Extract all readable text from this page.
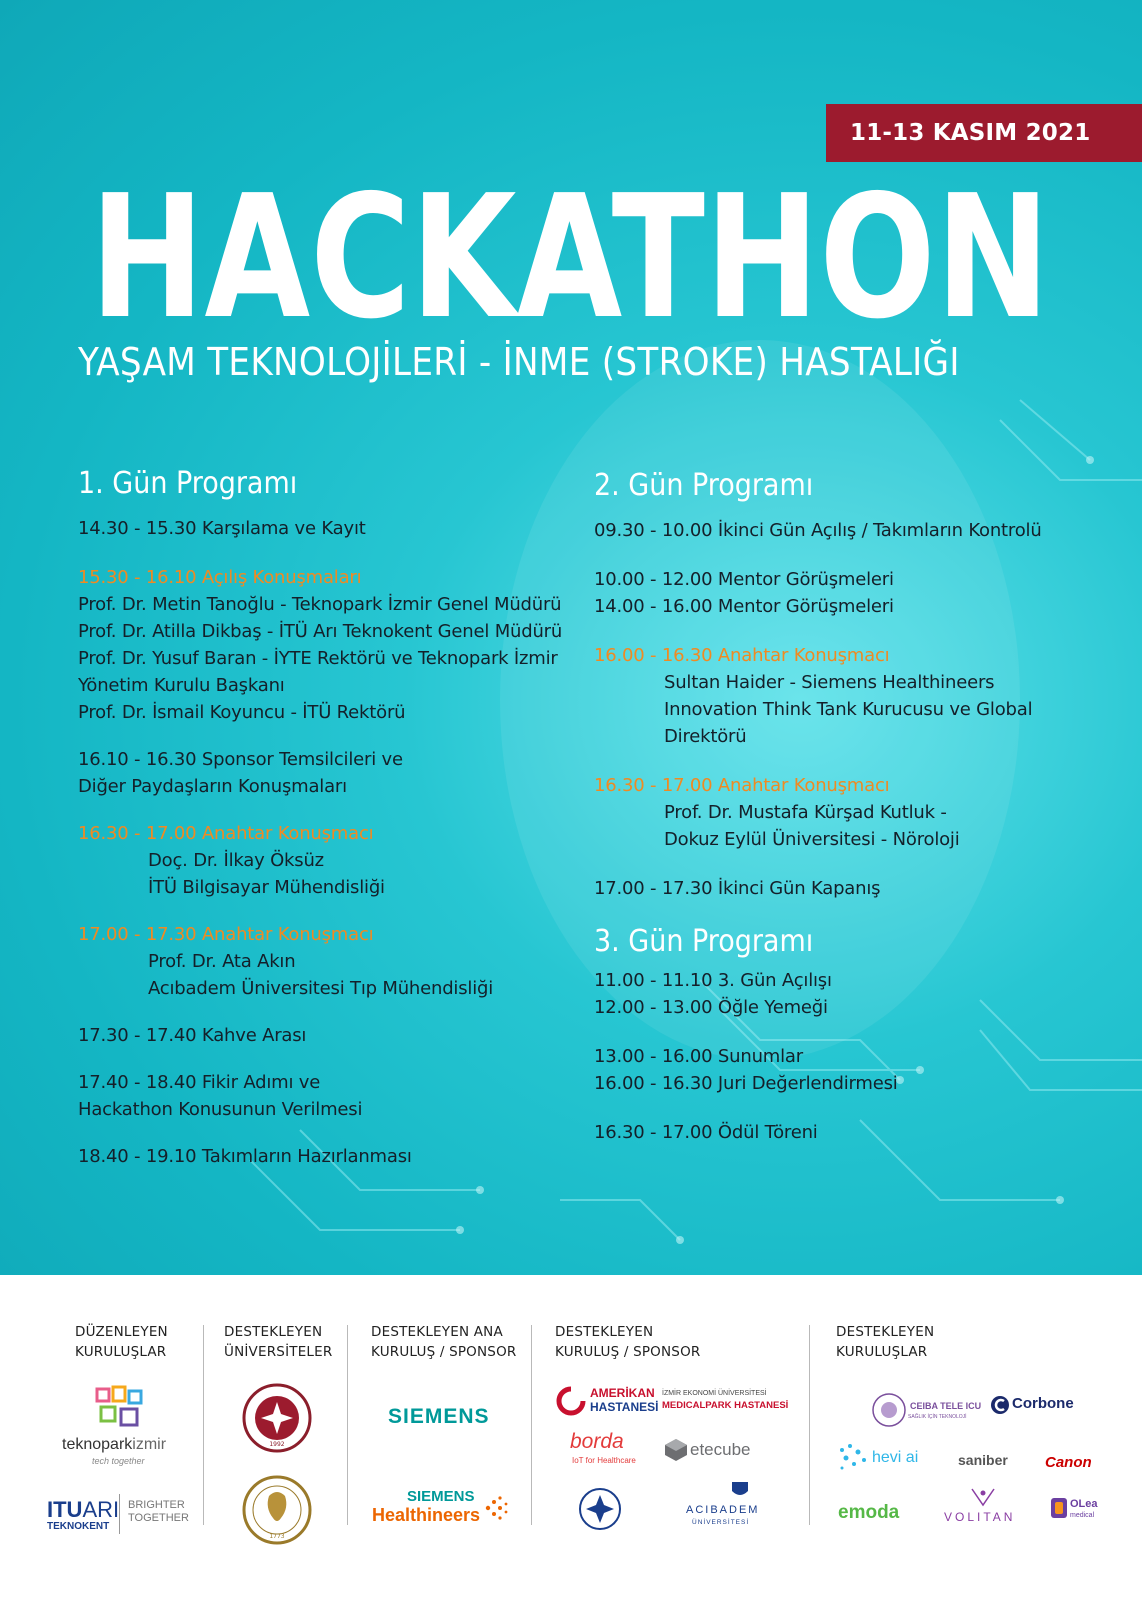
11-13 KASIM 2021
HACKATHON
YAŞAM TEKNOLOJİLERİ - İNME (STROKE) HASTALIĞI
1. Gün Programı
14.30 - 15.30 Karşılama ve Kayıt
15.30 - 16.10 Açılış Konuşmaları
Prof. Dr. Metin Tanoğlu - Teknopark İzmir Genel Müdürü
Prof. Dr. Atilla Dikbaş - İTÜ Arı Teknokent Genel Müdürü
Prof. Dr. Yusuf Baran - İYTE Rektörü ve Teknopark İzmir
Yönetim Kurulu Başkanı
Prof. Dr. İsmail Koyuncu - İTÜ Rektörü
16.10 - 16.30 Sponsor Temsilcileri ve
Diğer Paydaşların Konuşmaları
16.30 - 17.00 Anahtar Konuşmacı
Doç. Dr. İlkay Öksüz
İTÜ Bilgisayar Mühendisliği
17.00 - 17.30 Anahtar Konuşmacı
Prof. Dr. Ata Akın
Acıbadem Üniversitesi Tıp Mühendisliği
17.30 - 17.40 Kahve Arası
17.40 - 18.40 Fikir Adımı ve
Hackathon Konusunun Verilmesi
18.40 - 19.10 Takımların Hazırlanması
2. Gün Programı
09.30 - 10.00 İkinci Gün Açılış / Takımların Kontrolü
10.00 - 12.00 Mentor Görüşmeleri
14.00 - 16.00 Mentor Görüşmeleri
16.00 - 16.30 Anahtar Konuşmacı
Sultan Haider - Siemens Healthineers
Innovation Think Tank Kurucusu ve Global
Direktörü
16.30 - 17.00 Anahtar Konuşmacı
Prof. Dr. Mustafa Kürşad Kutluk -
Dokuz Eylül Üniversitesi - Nöroloji
17.00 - 17.30 İkinci Gün Kapanış
3. Gün Programı
11.00 - 11.10 3. Gün Açılışı
12.00 - 13.00 Öğle Yemeği
13.00 - 16.00 Sunumlar
16.00 - 16.30 Juri Değerlendirmesi
16.30 - 17.00 Ödül Töreni
DÜZENLEYEN
KURULUŞLAR
teknoparkizmir
tech together
ITUARI
TEKNOKENT
BRIGHTER
TOGETHER
DESTEKLEYEN
ÜNİVERSİTELER
1992
1773
DESTEKLEYEN ANA
KURULUŞ / SPONSOR
SIEMENS
SIEMENS
Healthineers
DESTEKLEYEN
KURULUŞ / SPONSOR
AMERİKAN
HASTANESİ
İZMİR EKONOMİ ÜNİVERSİTESİ
MEDICALPARK HASTANESİ
borda
IoT for Healthcare
etecube
ACIBADEM
ÜNİVERSİTESİ
DESTEKLEYEN
KURULUŞLAR
CEIBA TELE ICU
SAĞLIK İÇİN TEKNOLOJİ
Corbone
hevi ai	saniber Canon
emoda	VOLITAN
OLea
medical
